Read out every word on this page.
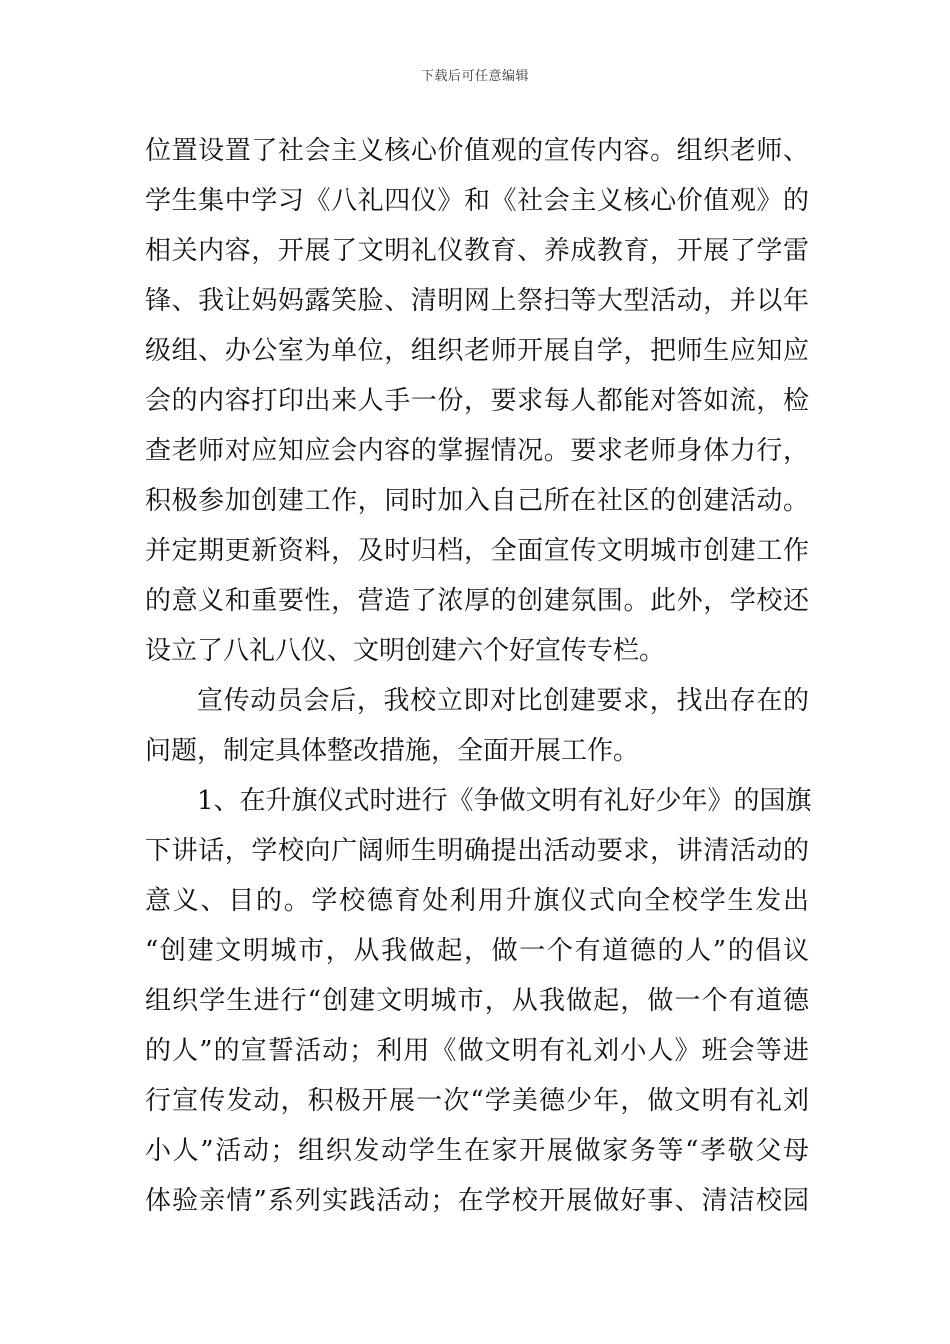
下载后可任意编辑
位置设置了社会主义核心价值观的宣传内容。组织老师、
学生集中学习《八礼四仪》和《社会主义核心价值观》的
相关内容，开展了文明礼仪教育、养成教育，开展了学雷
锋、我让妈妈露笑脸、清明网上祭扫等大型活动，并以年
级组、办公室为单位，组织老师开展自学，把师生应知应
会的内容打印出来人手一份，要求每人都能对答如流，检
查老师对应知应会内容的掌握情况。要求老师身体力行，
积极参加创建工作，同时加入自己所在社区的创建活动。
并定期更新资料，及时归档，全面宣传文明城市创建工作
的意义和重要性，营造了浓厚的创建氛围。此外，学校还
设立了八礼八仪、文明创建六个好宣传专栏。
宣传动员会后，我校立即对比创建要求，找出存在的
问题，制定具体整改措施，全面开展工作。
1、在升旗仪式时进行《争做文明有礼好少年》的国旗
下讲话，学校向广阔师生明确提出活动要求，讲清活动的
意义、目的。学校德育处利用升旗仪式向全校学生发出
“创建文明城市，从我做起，做一个有道德的人”的倡议
组织学生进行“创建文明城市，从我做起，做一个有道德
的人”的宣誓活动；利用《做文明有礼刘小人》班会等进
行宣传发动，积极开展一次“学美德少年，做文明有礼刘
小人”活动；组织发动学生在家开展做家务等“孝敬父母
体验亲情”系列实践活动；在学校开展做好事、清洁校园
